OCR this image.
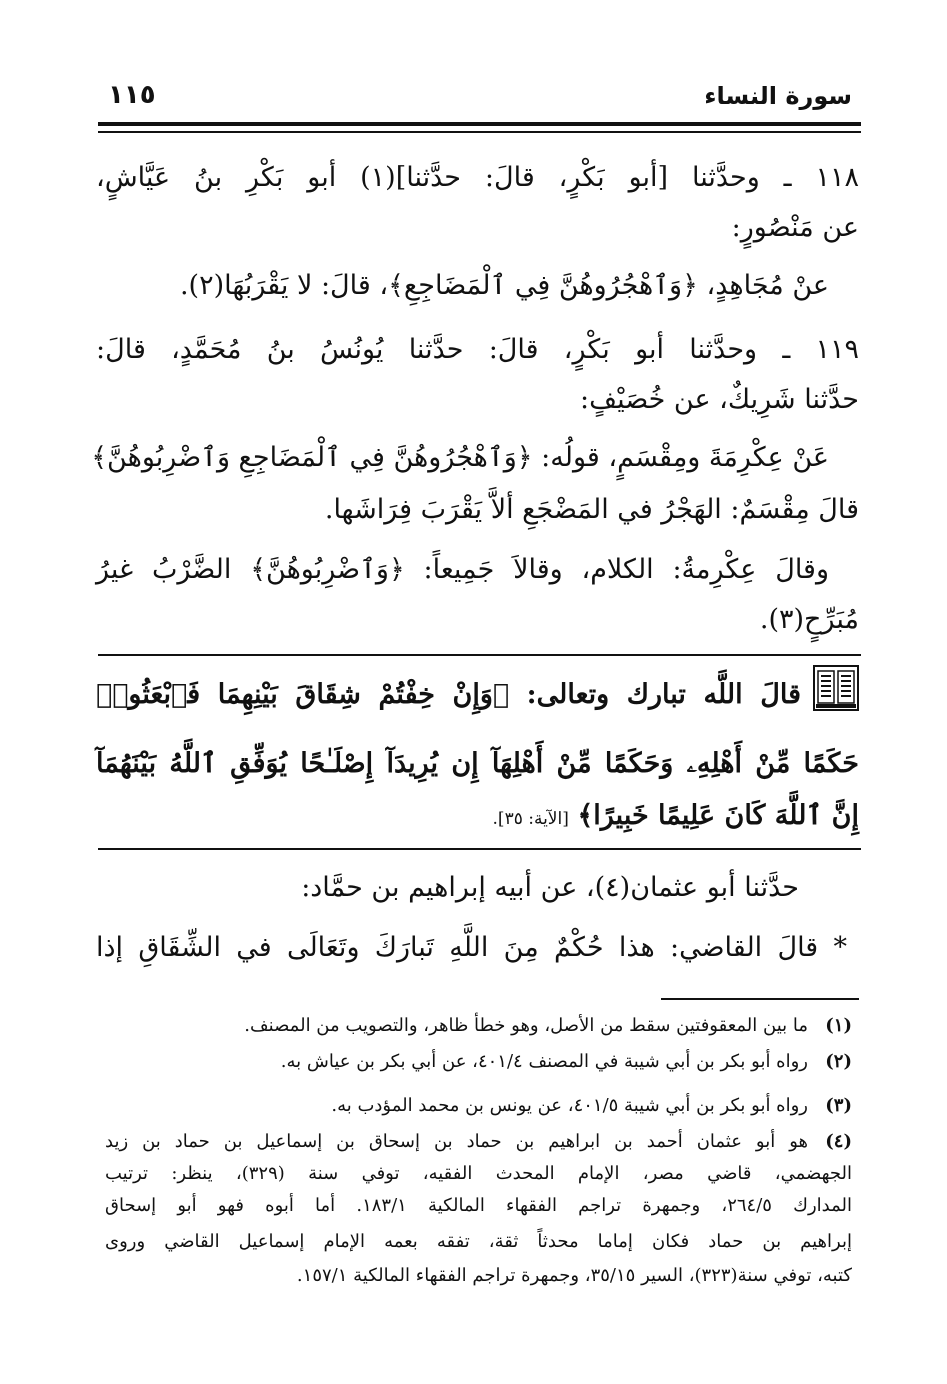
سورة النساء
١١٥
١١٨ ـ وحدَّثنا [أبو بَكْرٍ، قالَ: حدَّثنا](١) أبو بَكْرِ بنُ عَيَّاشٍ،
عن مَنْصُورٍ:
عنْ مُجَاهِدٍ، ﴿وَٱهْجُرُوهُنَّ فِي ٱلْمَضَاجِعِ﴾، قالَ: لا يَقْرَبُهَا(٢).
١١٩ ـ وحدَّثنا أبو بَكْرٍ، قالَ: حدَّثنا يُونُسُ بنُ مُحَمَّدٍ، قالَ:
حدَّثنا شَرِيكٌ، عن خُصَيْفٍ:
عَنْ عِكْرِمَةَ ومِقْسَمٍ، قولُه: ﴿وَٱهْجُرُوهُنَّ فِي ٱلْمَضَاجِعِ وَٱضْرِبُوهُنَّ﴾
قالَ مِقْسَمٌ: الهَجْرُ في المَضْجَعِ ألاَّ يَقْرَبَ فِرَاشَها.
وقالَ عِكْرِمةُ: الكلام، وقالاَ جَمِيعاً: ﴿وَٱضْرِبُوهُنَّ﴾ الضَّرْبُ غيرُ
مُبَرِّحٍ(٣).
قالَ اللَّه تبارك وتعالى: ﴿وَإِنْ خِفْتُمْ شِقَاقَ بَيْنِهِمَا فَٱبْعَثُوا۟
حَكَمًا مِّنْ أَهْلِهِۦ وَحَكَمًا مِّنْ أَهْلِهَآ إِن يُرِيدَآ إِصْلَـٰحًا يُوَفِّقِ ٱللَّهُ بَيْنَهُمَآ
إِنَّ ٱللَّهَ كَانَ عَلِيمًا خَبِيرًا﴾ [الآية: ٣٥].
حدَّثنا أبو عثمان(٤)، عن أبيه إبراهيم بن حمَّاد:
* قالَ القاضي: هذا حُكْمٌ مِنَ اللَّهِ تَبارَكَ وتَعَالَى في الشِّقَاقِ إذا
(١)ما بين المعقوفتين سقط من الأصل، وهو خطأ ظاهر، والتصويب من المصنف.
(٢)رواه أبو بكر بن أبي شيبة في المصنف ٤٠١/٤، عن أبي بكر بن عياش به.
(٣)رواه أبو بكر بن أبي شيبة ٤٠١/٥، عن يونس بن محمد المؤدب به.
(٤)هو أبو عثمان أحمد بن ابراهيم بن حماد بن إسحاق بن إسماعيل بن حماد بن زيد
الجهضمي، قاضي مصر، الإمام المحدث الفقيه، توفي سنة (٣٢٩)، ينظر: ترتيب
المدارك ٢٦٤/٥، وجمهرة تراجم الفقهاء المالكية ١٨٣/١. أما أبوه فهو أبو إسحاق
إبراهيم بن حماد فكان إماما محدثاً ثقة، تفقه بعمه الإمام إسماعيل القاضي وروى
كتبه، توفي سنة(٣٢٣)، السير ٣٥/١٥، وجمهرة تراجم الفقهاء المالكية ١٥٧/١.
